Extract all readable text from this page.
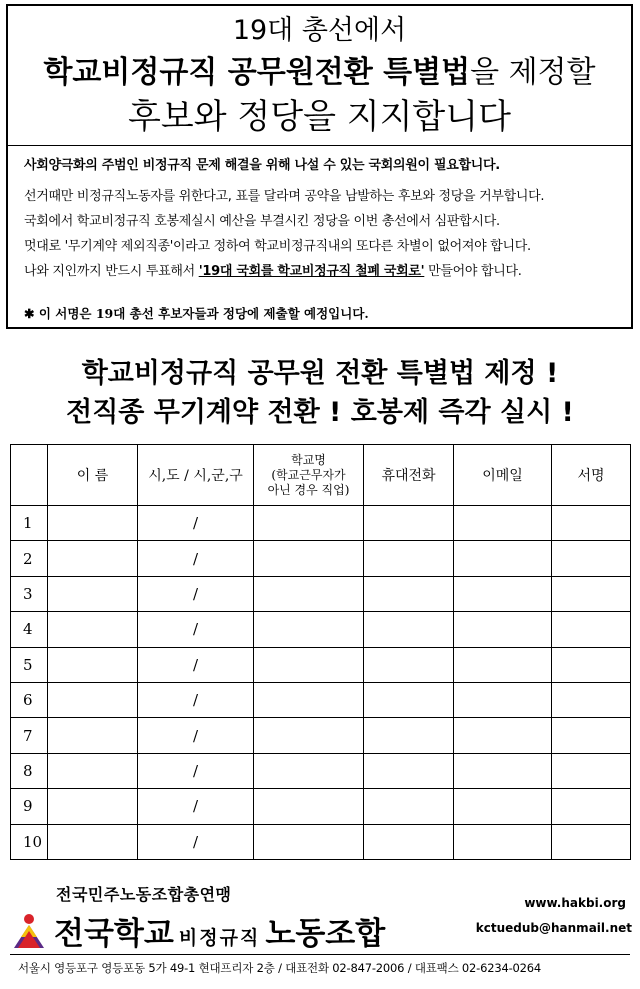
19대 총선에서
학교비정규직 공무원전환 특별법을 제정할
후보와 정당을 지지합니다
사회양극화의 주범인 비정규직 문제 해결을 위해 나설 수 있는 국회의원이 필요합니다.
선거때만 비정규직노동자를 위한다고, 표를 달라며 공약을 남발하는 후보와 정당을 거부합니다.
국회에서 학교비정규직 호봉제실시 예산을 부결시킨 정당을 이번 총선에서 심판합시다.
멋대로 '무기계약 제외직종'이라고 정하여 학교비정규직내의 또다른 차별이 없어져야 합니다.
나와 지인까지 반드시 투표해서 '19대 국회를 학교비정규직 철폐 국회로' 만들어야 합니다.
✱ 이 서명은 19대 총선 후보자들과 정당에 제출할 예정입니다.
학교비정규직 공무원 전환 특별법 제정 !
전직종 무기계약 전환 ! 호봉제 즉각 실시 !
	이 름	시,도 / 시,군,구	학교명
(학교근무자가
아닌 경우 직업)	휴대전화	이메일	서명
1		/				
2		/				
3		/				
4		/				
5		/				
6		/				
7		/				
8		/				
9		/				
10		/				
전국민주노동조합총연맹
전국학교 비정규직 노동조합
www.hakbi.org
kctuedub@hanmail.net
서울시 영등포구 영등포동 5가 49-1 현대프리자 2층 / 대표전화 02-847-2006 / 대표팩스 02-6234-0264
